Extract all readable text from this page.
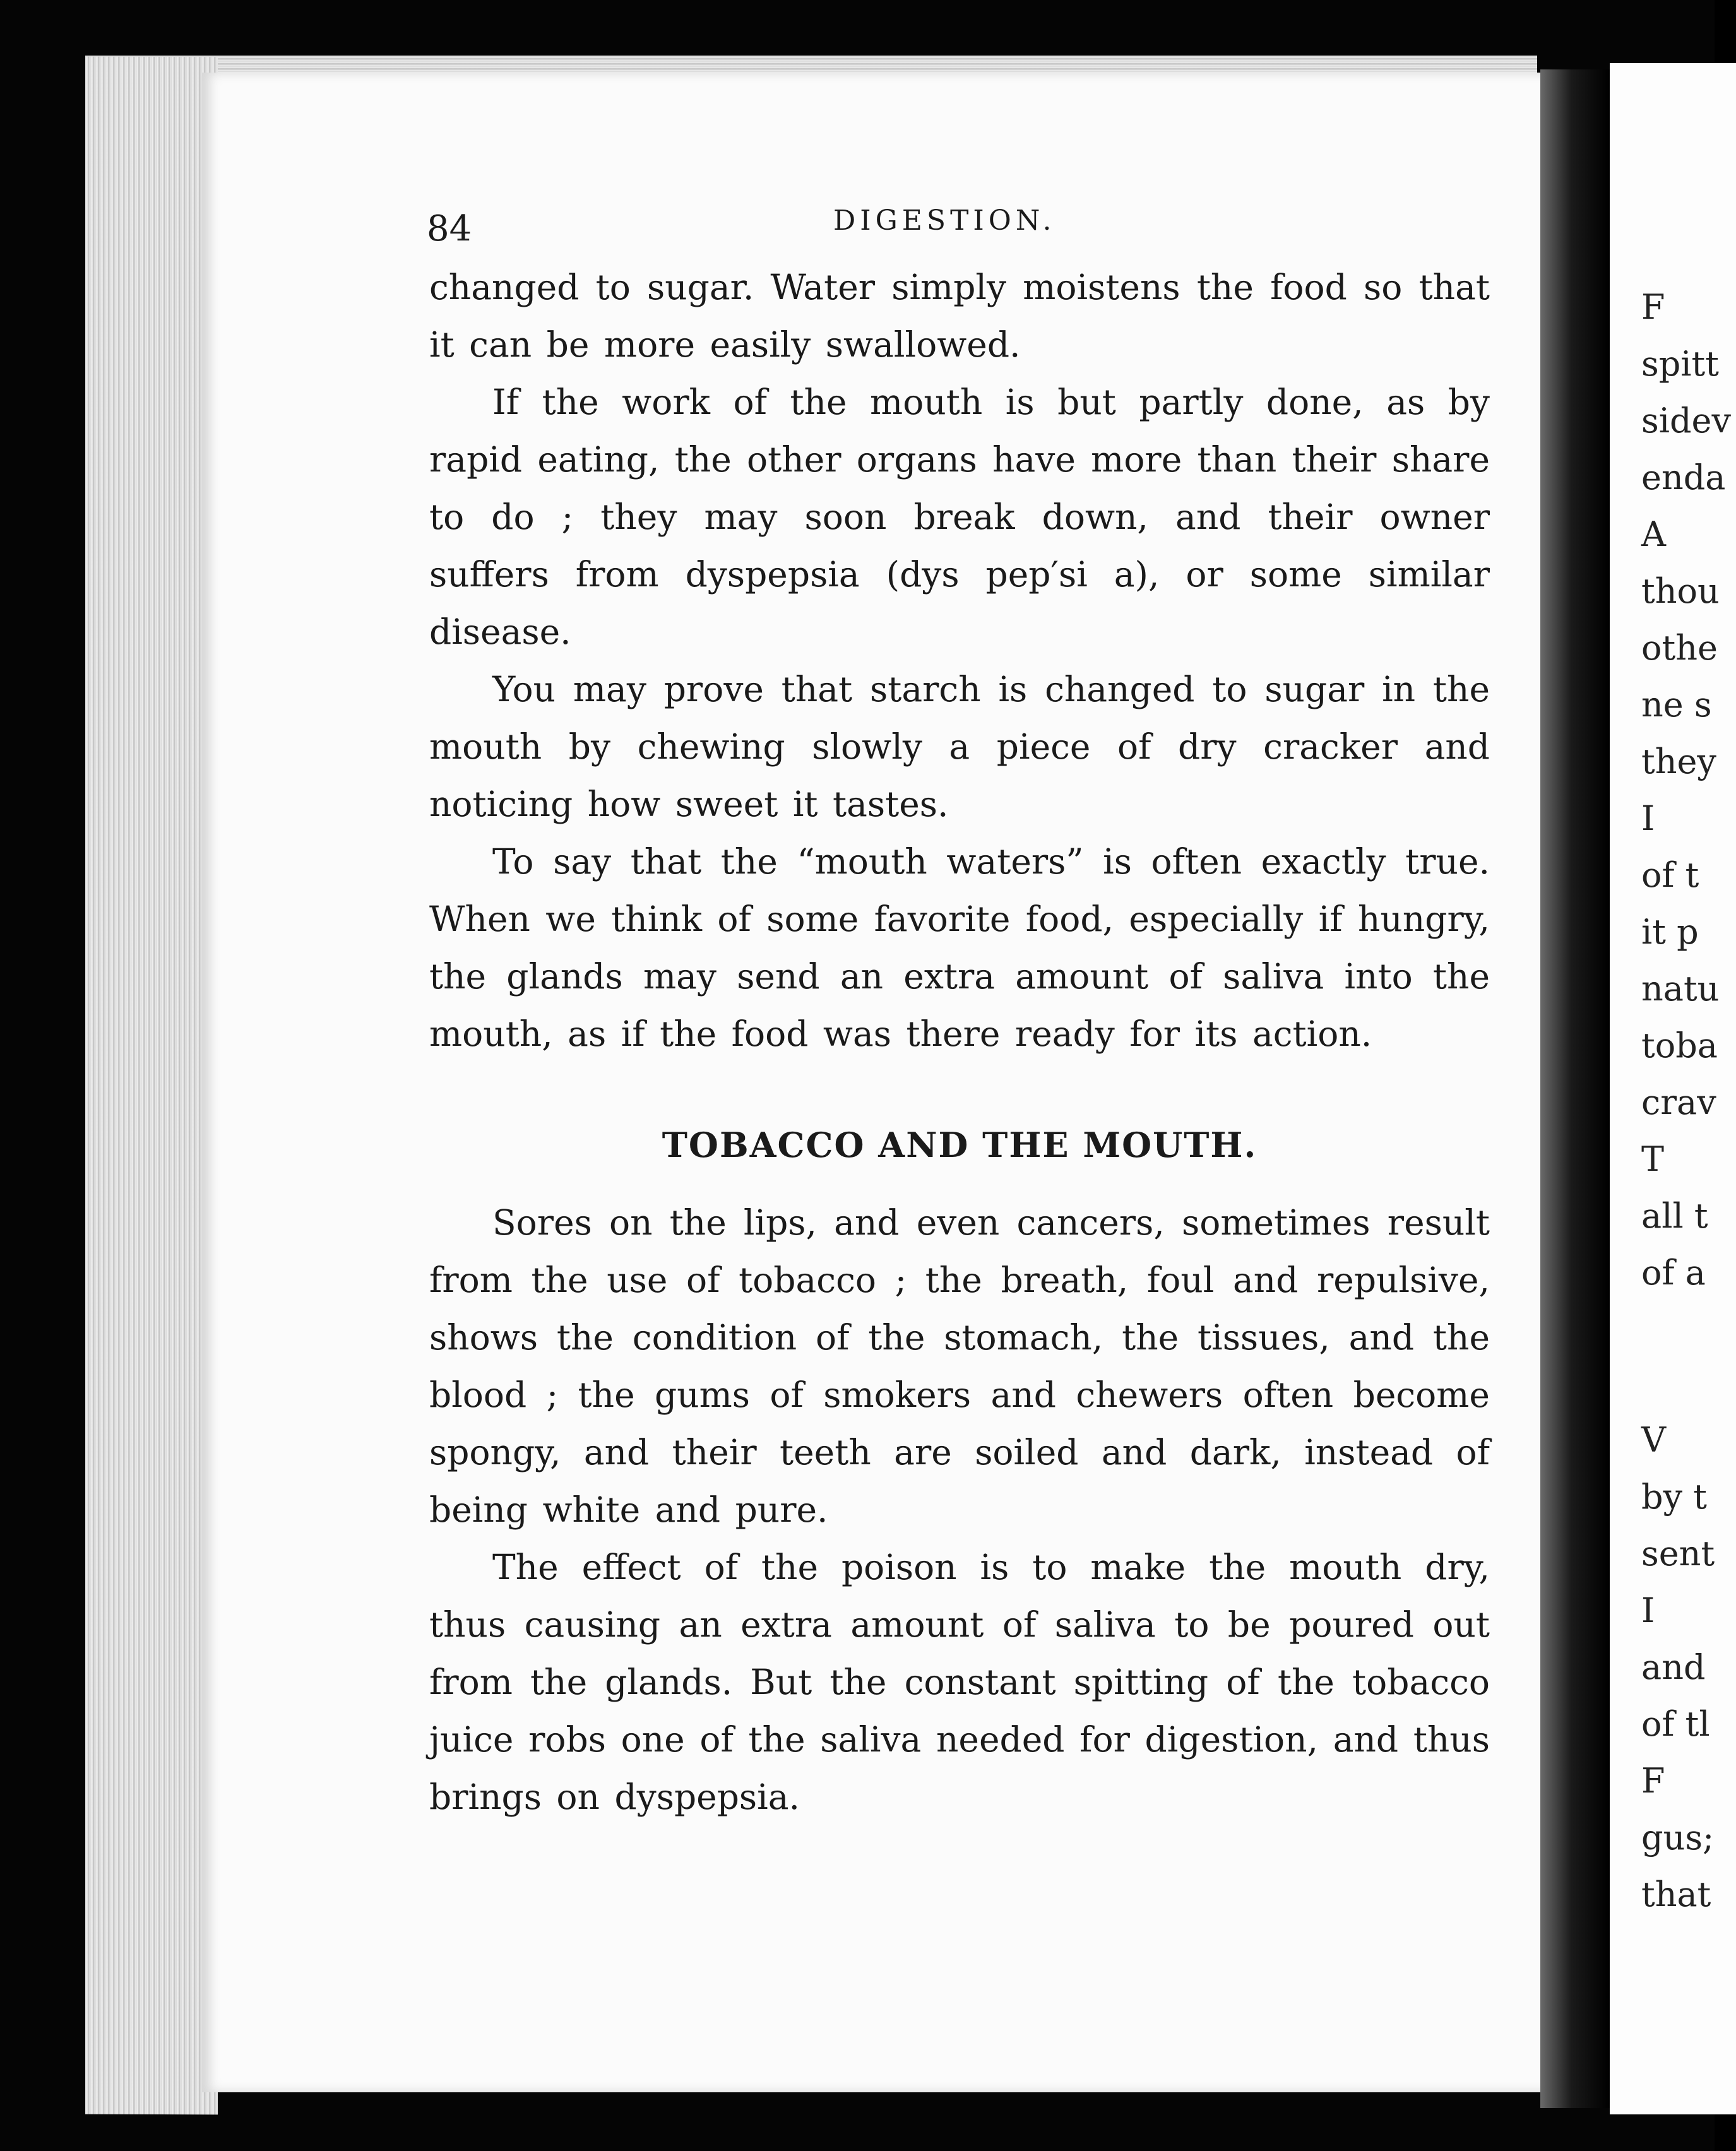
F
spitt
sidev
enda
A
thou
othe
ne s
they
I
of t
it p
natu
toba
crav
T
all t
of a
V
by t
sent
I
and
of tl
F
gus;
that
84	DIGESTION.

changed to sugar. Water simply moistens the food so that it can be more easily swallowed.

If the work of the mouth is but partly done, as by rapid eating, the other organs have more than their share to do ; they may soon break down, and their owner suffers from dyspepsia (dys pep′si a), or some similar disease.

You may prove that starch is changed to sugar in the mouth by chewing slowly a piece of dry cracker and noticing how sweet it tastes.

To say that the “mouth waters” is often exactly true. When we think of some favorite food, especially if hungry, the glands may send an extra amount of saliva into the mouth, as if the food was there ready for its action.

TOBACCO AND THE MOUTH.

Sores on the lips, and even cancers, sometimes result from the use of tobacco ; the breath, foul and repulsive, shows the condition of the stomach, the tissues, and the blood ; the gums of smokers and chewers often become spongy, and their teeth are soiled and dark, instead of being white and pure.

The effect of the poison is to make the mouth dry, thus causing an extra amount of saliva to be poured out from the glands. But the constant spitting of the tobacco juice robs one of the saliva needed for digestion, and thus brings on dyspepsia.
